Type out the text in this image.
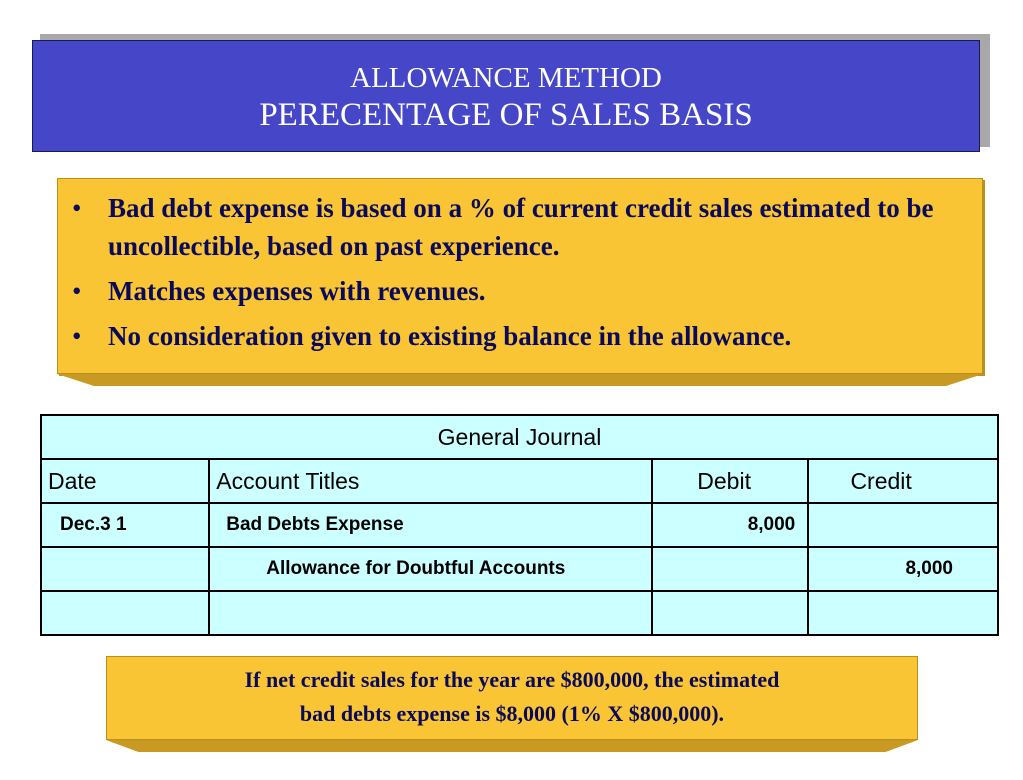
ALLOWANCE METHOD
PERECENTAGE OF SALES BASIS
• Bad debt expense is based on a % of current credit sales estimated to be uncollectible, based on past experience.
• Matches expenses with revenues.
• No consideration given to existing balance in the allowance.
General Journal			
Date	Account Titles	Debit	Credit
Dec.3 1	Bad Debts Expense	8,000	
	Allowance for Doubtful Accounts		8,000

If net credit sales for the year are $800,000, the estimated
bad debts expense is $8,000 (1% X $800,000).
